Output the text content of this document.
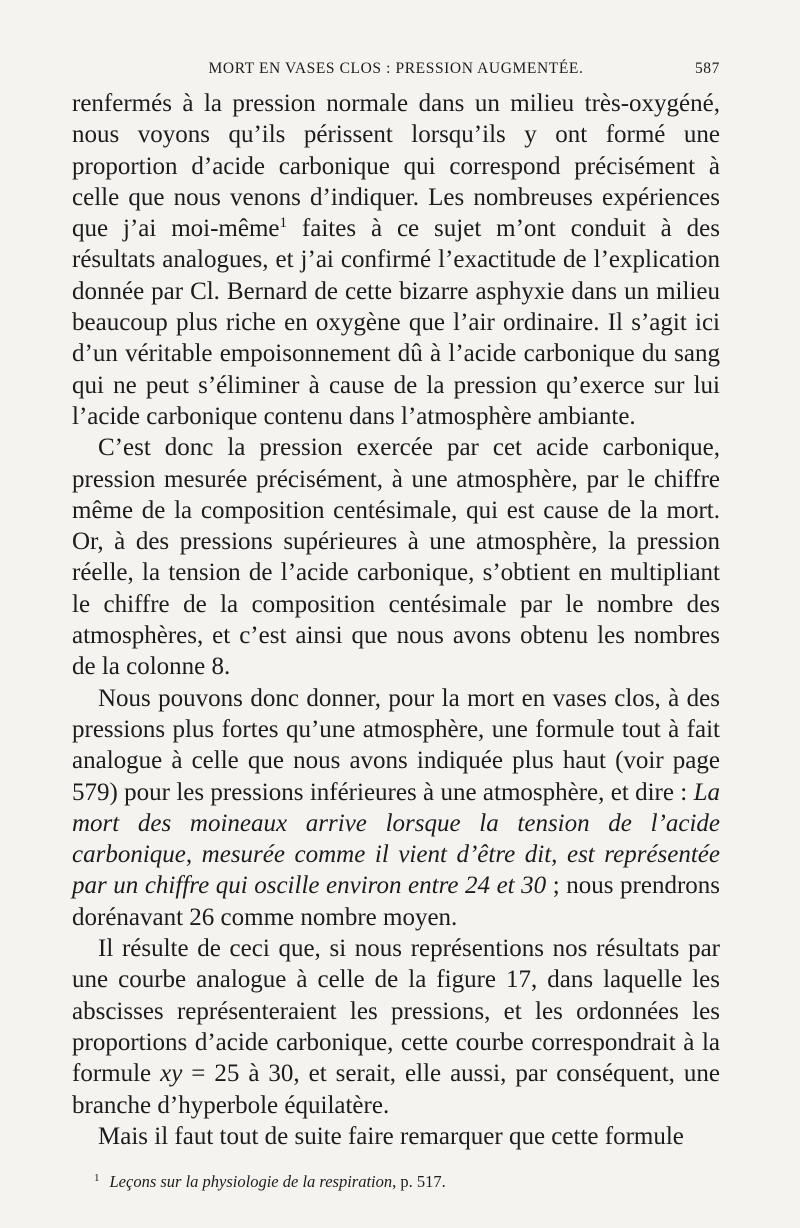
MORT EN VASES CLOS : PRESSION AUGMENTÉE.	587

renfermés à la pression normale dans un milieu très-oxygéné, nous voyons qu’ils périssent lorsqu’ils y ont formé une proportion d’acide carbonique qui correspond précisément à celle que nous venons d’indiquer. Les nombreuses expériences que j’ai moi-même$^1$ faites à ce sujet m’ont conduit à des résultats analogues, et j’ai confirmé l’exactitude de l’explication donnée par Cl. Bernard de cette bizarre asphyxie dans un milieu beaucoup plus riche en oxygène que l’air ordinaire. Il s’agit ici d’un véritable empoisonnement dû à l’acide carbonique du sang qui ne peut s’éliminer à cause de la pression qu’exerce sur lui l’acide carbonique contenu dans l’atmosphère ambiante.

C’est donc la pression exercée par cet acide carbonique, pression mesurée précisément, à une atmosphère, par le chiffre même de la composition centésimale, qui est cause de la mort. Or, à des pressions supérieures à une atmosphère, la pression réelle, la tension de l’acide carbonique, s’obtient en multipliant le chiffre de la composition centésimale par le nombre des atmosphères, et c’est ainsi que nous avons obtenu les nombres de la colonne 8.

Nous pouvons donc donner, pour la mort en vases clos, à des pressions plus fortes qu’une atmosphère, une formule tout à fait analogue à celle que nous avons indiquée plus haut (voir page 579) pour les pressions inférieures à une atmosphère, et dire : La mort des moineaux arrive lorsque la tension de l’acide carbonique, mesurée comme il vient d’être dit, est représentée par un chiffre qui oscille environ entre 24 et 30 ; nous prendrons dorénavant 26 comme nombre moyen.

Il résulte de ceci que, si nous représentions nos résultats par une courbe analogue à celle de la figure 17, dans laquelle les abscisses représenteraient les pressions, et les ordonnées les proportions d’acide carbonique, cette courbe correspondrait à la formule xy = 25 à 30, et serait, elle aussi, par conséquent, une branche d’hyperbole équilatère.

Mais il faut tout de suite faire remarquer que cette formule

$^1$ Leçons sur la physiologie de la respiration, p. 517.
